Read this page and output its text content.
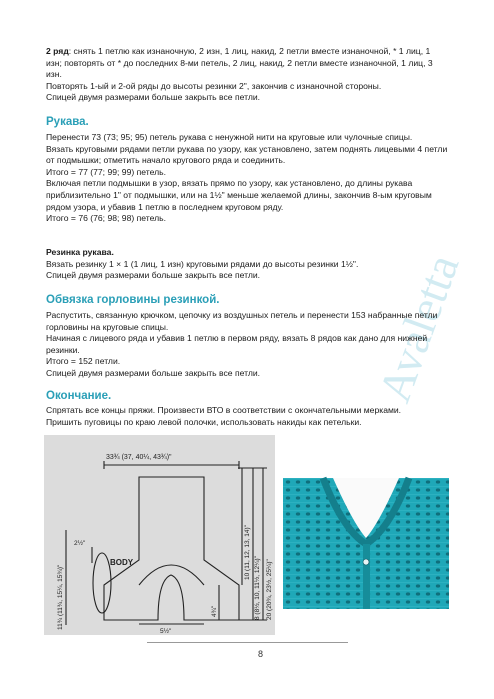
Avaletta

2 ряд: снять 1 петлю как изнаночную, 2 изн, 1 лиц, накид, 2 петли вместе изнаночной, * 1 лиц, 1 изн; повторять от * до последних 8-ми петель, 2 лиц, накид, 2 петли вместе изнаночной, 1 лиц, 3 изн.

Повторять 1-ый и 2-ой ряды до высоты резинки 2", закончив с изнаночной стороны.

Спицей двумя размерами больше закрыть все петли.

Рукава.

Перенести 73 (73; 95; 95) петель рукава с ненужной нити на круговые или чулочные спицы.

Вязать круговыми рядами петли рукава по узору, как установлено, затем поднять лицевыми 4 петли от подмышки; отметить начало кругового ряда и соединить.

Итого = 77 (77; 99; 99) петель.

Включая петли подмышки в узор, вязать прямо по узору, как установлено, до длины рукава приблизительно 1" от подмышки, или на 1½" меньше желаемой длины, закончив 8-ым круговым рядом узора, и убавив 1 петлю в последнем круговом ряду.

Итого = 76 (76; 98; 98) петель.

Резинка рукава.

Вязать резинку 1 × 1 (1 лиц, 1 изн) круговыми рядами до высоты резинки 1½".

Спицей двумя размерами больше закрыть все петли.

Обвязка горловины резинкой.

Распустить, связанную крючком, цепочку из воздушных петель и перенести 153 набранные петли горловины на круговые спицы.

Начиная с лицевого ряда и убавив 1 петлю в первом ряду, вязать 8 рядов как дано для нижней резинки.

Итого = 152 петли.

Спицей двумя размерами больше закрыть все петли.

Окончание.

Спрятать все концы пряжи. Произвести ВТО в соответствии с окончательными мерками.

Пришить пуговицы по краю левой полочки, использовать накиды как петельки.

33¾ (37, 40¼, 43¾)"
BODY
2½"
11¾ (11¾, 15¼, 15¾)"
10 (11, 12, 13, 14)"
8 (8½, 10, 11½, 12¼)" 20 (20¾, 23½, 25¼)"
4¾"
5½"
8
